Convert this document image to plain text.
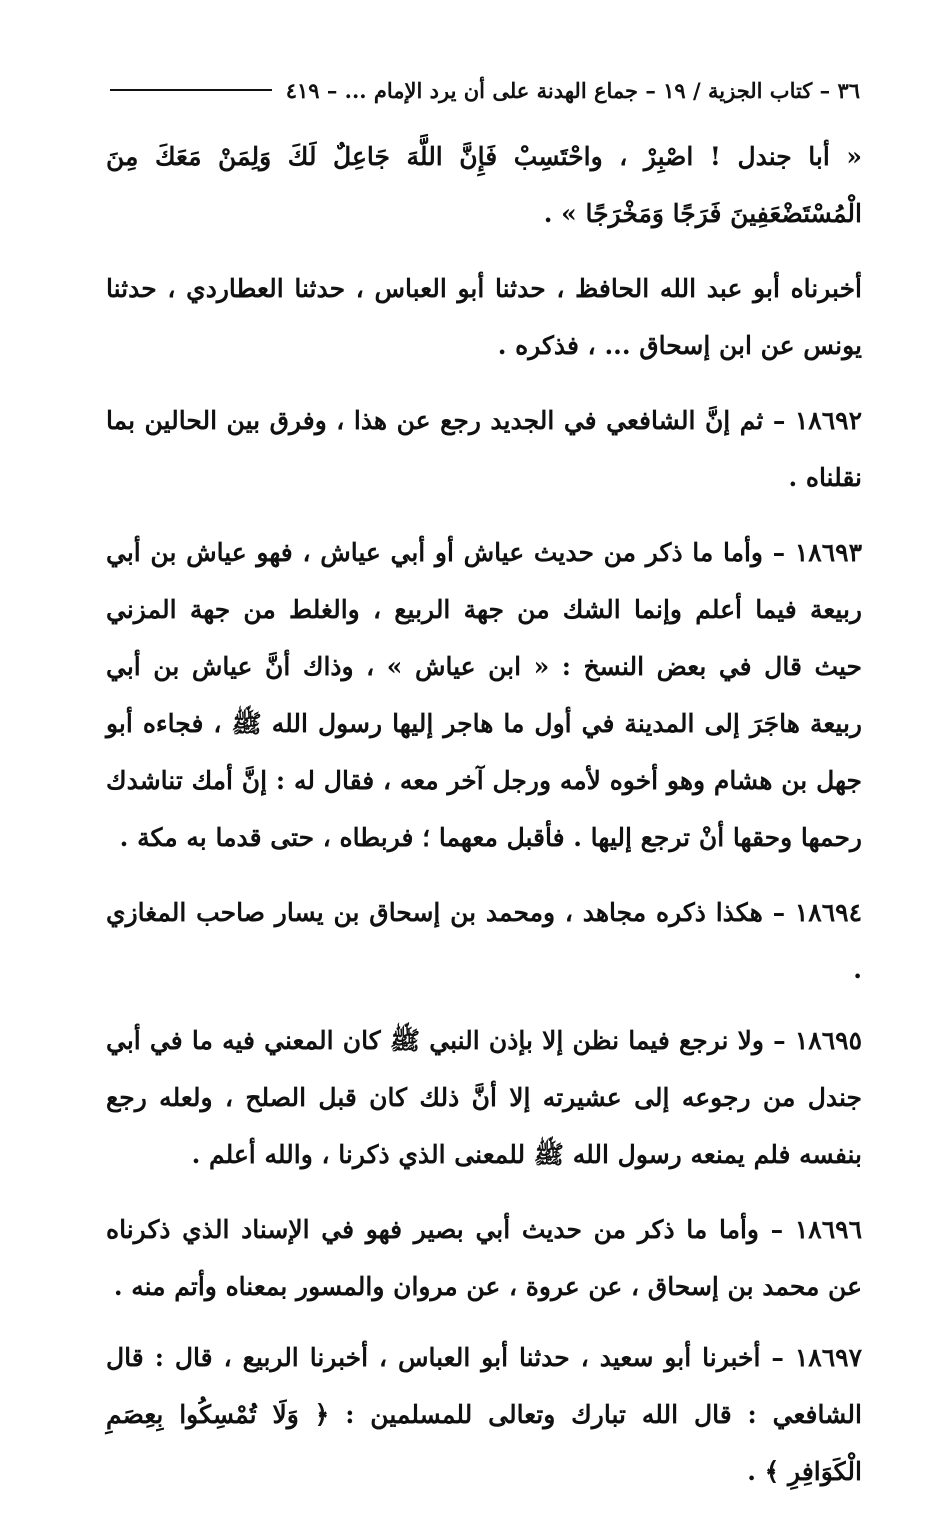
٣٦ – كتاب الجزية / ١٩ – جماع الهدنة على أن يرد الإمام ... – ٤١٩

« أبا جندل ! اصْبِرْ ، واحْتَسِبْ فَإِنَّ اللَّهَ جَاعِلٌ لَكَ وَلِمَنْ مَعَكَ مِنَ الْمُسْتَضْعَفِينَ فَرَجًا وَمَخْرَجًا » .

أخبرناه أبو عبد الله الحافظ ، حدثنا أبو العباس ، حدثنا العطاردي ، حدثنا يونس عن ابن إسحاق ... ، فذكره .

١٨٦٩٢ – ثم إنَّ الشافعي في الجديد رجع عن هذا ، وفرق بين الحالين بما نقلناه .

١٨٦٩٣ – وأما ما ذكر من حديث عياش أو أبي عياش ، فهو عياش بن أبي ربيعة فيما أعلم وإنما الشك من جهة الربيع ، والغلط من جهة المزني حيث قال في بعض النسخ : « ابن عياش » ، وذاك أنَّ عياش بن أبي ربيعة هاجَرَ إلى المدينة في أول ما هاجر إليها رسول الله ﷺ ، فجاءه أبو جهل بن هشام وهو أخوه لأمه ورجل آخر معه ، فقال له : إنَّ أمك تناشدك رحمها وحقها أنْ ترجع إليها . فأقبل معهما ؛ فربطاه ، حتى قدما به مكة .

١٨٦٩٤ – هكذا ذكره مجاهد ، ومحمد بن إسحاق بن يسار صاحب المغازي .

١٨٦٩٥ – ولا نرجع فيما نظن إلا بإذن النبي ﷺ كان المعني فيه ما في أبي جندل من رجوعه إلى عشيرته إلا أنَّ ذلك كان قبل الصلح ، ولعله رجع بنفسه فلم يمنعه رسول الله ﷺ للمعنى الذي ذكرنا ، والله أعلم .

١٨٦٩٦ – وأما ما ذكر من حديث أبي بصير فهو في الإسناد الذي ذكرناه عن محمد بن إسحاق ، عن عروة ، عن مروان والمسور بمعناه وأتم منه .

١٨٦٩٧ – أخبرنا أبو سعيد ، حدثنا أبو العباس ، أخبرنا الربيع ، قال : قال الشافعي : قال الله تبارك وتعالى للمسلمين : ﴿ وَلَا تُمْسِكُوا بِعِصَمِ الْكَوَافِرِ ﴾ .
